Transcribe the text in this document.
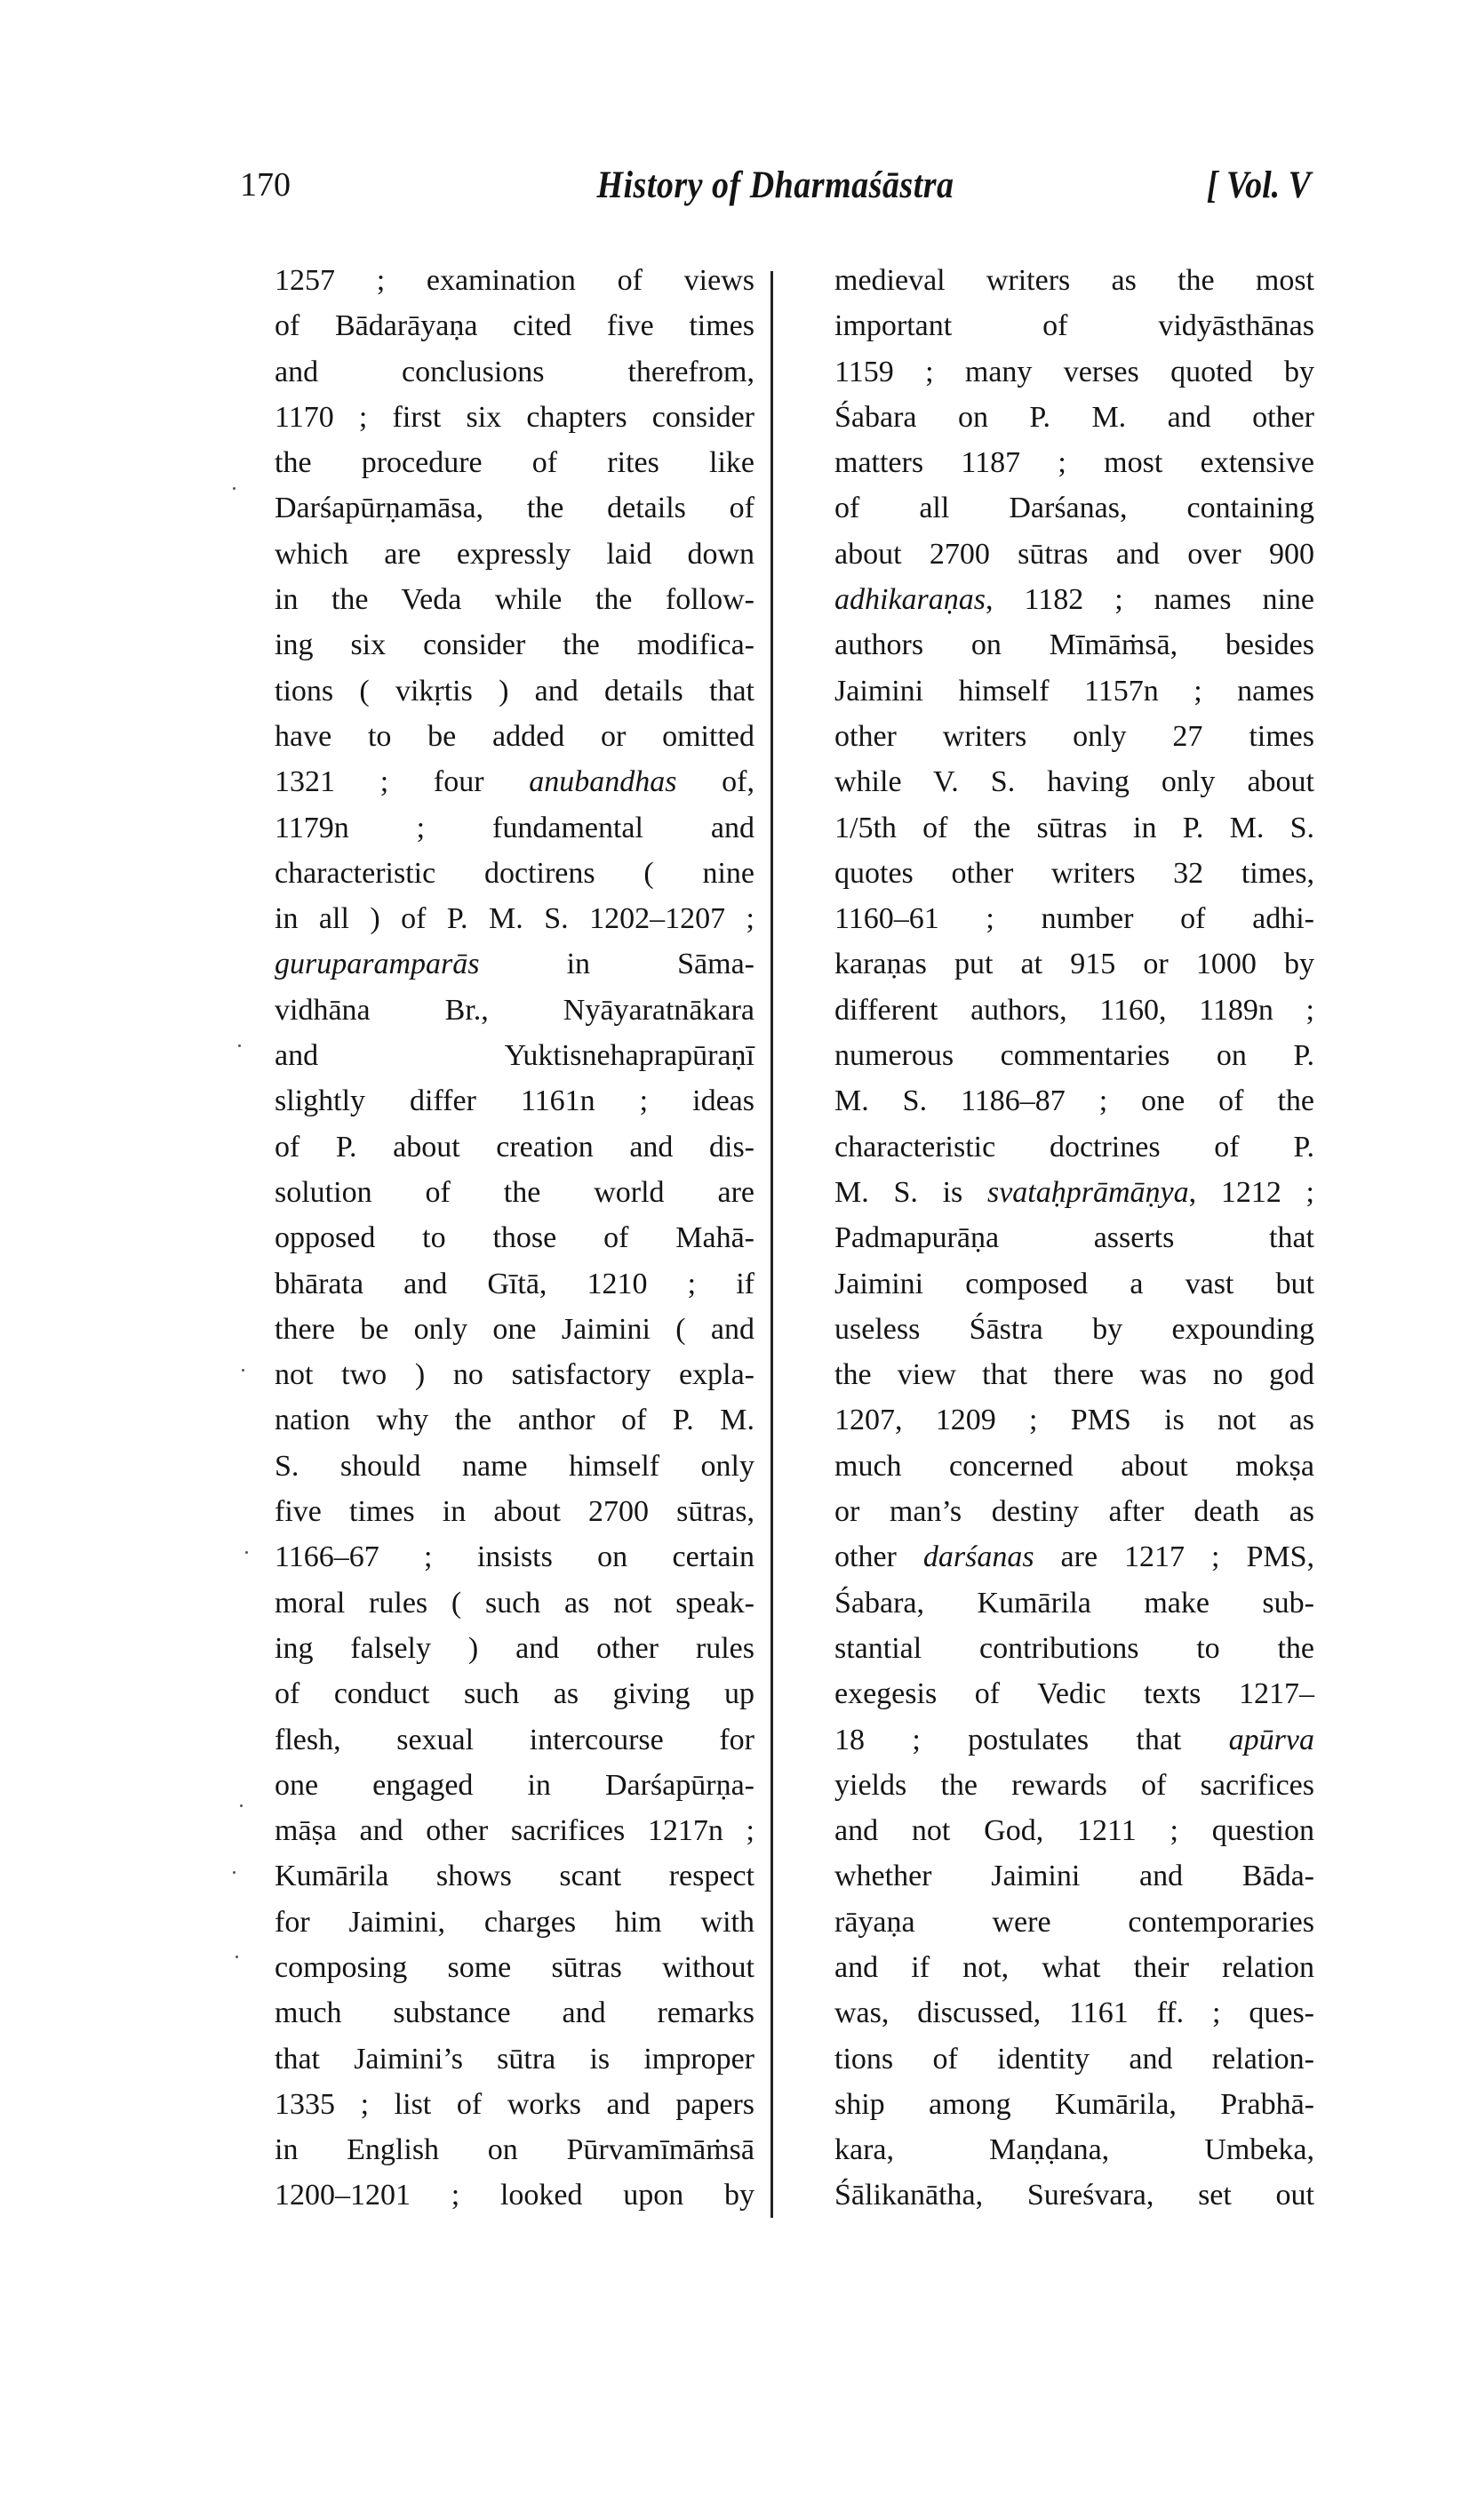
170	History of Dharmaśāstra	[ Vol. V
1257 ; examination of views
of Bādarāyaṇa cited five times
and conclusions therefrom,
1170 ; first six chapters consider
the procedure of rites like
Darśapūrṇamāsa, the details of
which are expressly laid down
in the Veda while the follow-
ing six consider the modifica-
tions ( vikṛtis ) and details that
have to be added or omitted
1321 ; four anubandhas of,
1179n ; fundamental and
characteristic doctirens ( nine
in all ) of P. M. S. 1202–1207 ;
guruparamparās in Sāma-
vidhāna Br., Nyāyaratnākara
and Yuktisnehaprapūraṇī
slightly differ 1161n ; ideas
of P. about creation and dis-
solution of the world are
opposed to those of Mahā-
bhārata and Gītā, 1210 ; if
there be only one Jaimini ( and
not two ) no satisfactory expla-
nation why the anthor of P. M.
S. should name himself only
five times in about 2700 sūtras,
1166–67 ; insists on certain
moral rules ( such as not speak-
ing falsely ) and other rules
of conduct such as giving up
flesh, sexual intercourse for
one engaged in Darśapūrṇa-
māṣa and other sacrifices 1217n ;
Kumārila shows scant respect
for Jaimini, charges him with
composing some sūtras without
much substance and remarks
that Jaimini’s sūtra is improper
1335 ; list of works and papers
in English on Pūrvamīmāṁsā
1200–1201 ; looked upon by
medieval writers as the most
important of vidyāsthānas
1159 ; many verses quoted by
Śabara on P. M. and other
matters 1187 ; most extensive
of all Darśanas, containing
about 2700 sūtras and over 900
adhikaraṇas, 1182 ; names nine
authors on Mīmāṁsā, besides
Jaimini himself 1157n ; names
other writers only 27 times
while V. S. having only about
1/5th of the sūtras in P. M. S.
quotes other writers 32 times,
1160–61 ; number of adhi-
karaṇas put at 915 or 1000 by
different authors, 1160, 1189n ;
numerous commentaries on P.
M. S. 1186–87 ; one of the
characteristic doctrines of P.
M. S. is svataḥprāmāṇya, 1212 ;
Padmapurāṇa asserts that
Jaimini composed a vast but
useless Śāstra by expounding
the view that there was no god
1207, 1209 ; PMS is not as
much concerned about mokṣa
or man’s destiny after death as
other darśanas are 1217 ; PMS,
Śabara, Kumārila make sub-
stantial contributions to the
exegesis of Vedic texts 1217–
18 ; postulates that apūrva
yields the rewards of sacrifices
and not God, 1211 ; question
whether Jaimini and Bāda-
rāyaṇa were contemporaries
and if not, what their relation
was, discussed, 1161 ff. ; ques-
tions of identity and relation-
ship among Kumārila, Prabhā-
kara, Maṇḍana, Umbeka,
Śālikanātha, Sureśvara, set out
